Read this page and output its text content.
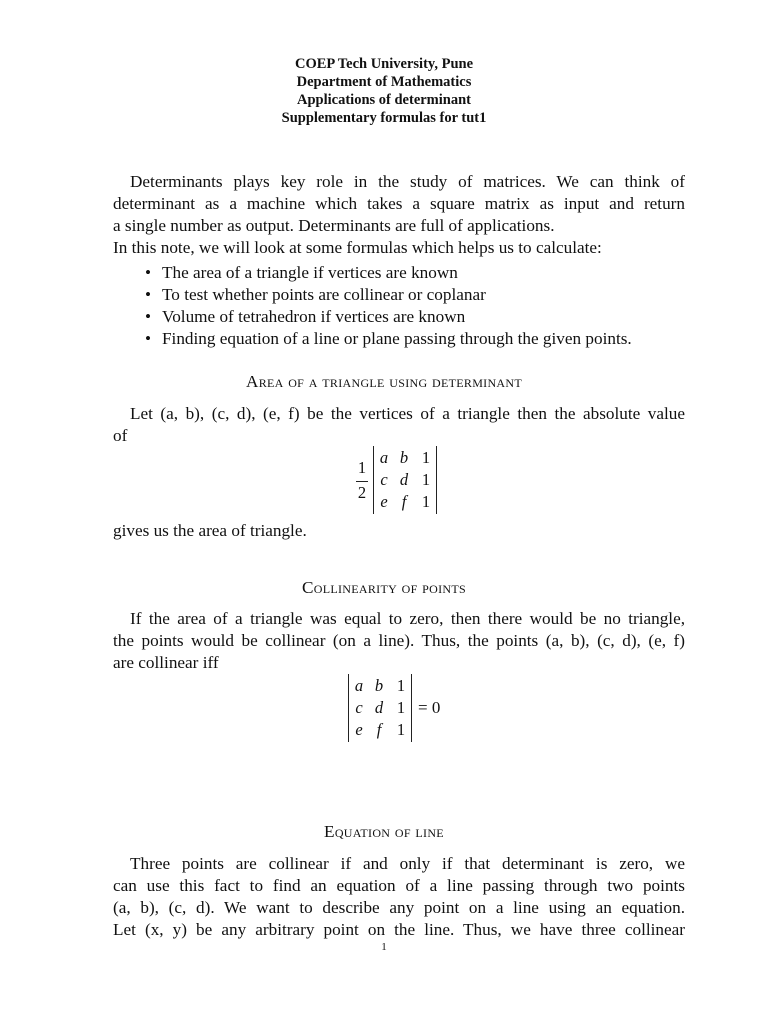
COEP Tech University, Pune
Department of Mathematics
Applications of determinant
Supplementary formulas for tut1
Determinants plays key role in the study of matrices. We can think of
determinant as a machine which takes a square matrix as input and return
a single number as output. Determinants are full of applications.
In this note, we will look at some formulas which helps us to calculate:
• The area of a triangle if vertices are known
• To test whether points are collinear or coplanar
• Volume of tetrahedron if vertices are known
• Finding equation of a line or plane passing through the given points.
Area of a triangle using determinant
Let (a, b), (c, d), (e, f) be the vertices of a triangle then the absolute value
of
1
2
a b 1
c d 1
e f 1
gives us the area of triangle.
Collinearity of points
If the area of a triangle was equal to zero, then there would be no triangle,
the points would be collinear (on a line). Thus, the points (a, b), (c, d), (e, f)
are collinear iff
a b 1
c d 1
e f 1
= 0
Equation of line
Three points are collinear if and only if that determinant is zero, we
can use this fact to find an equation of a line passing through two points
(a, b), (c, d). We want to describe any point on a line using an equation.
Let (x, y) be any arbitrary point on the line. Thus, we have three collinear
1
